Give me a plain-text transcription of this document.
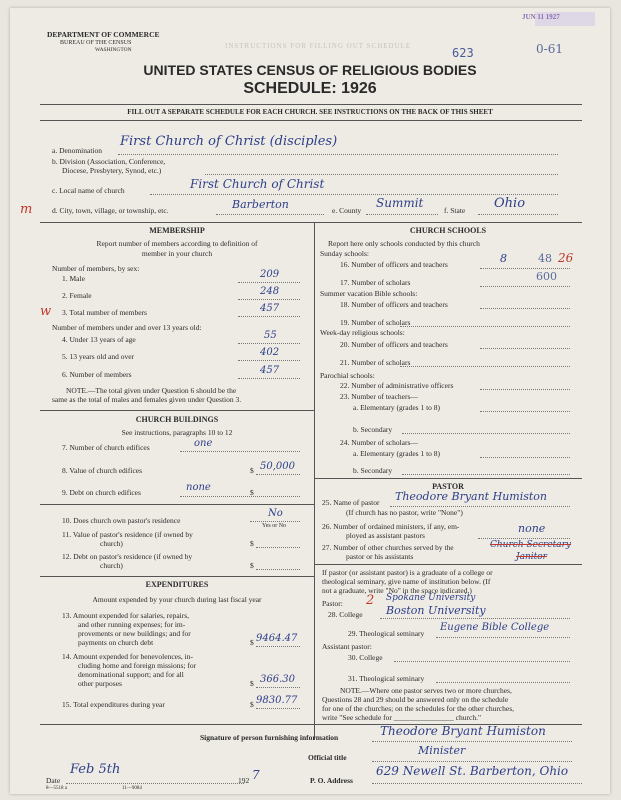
JUN 11 1927
INSTRUCTIONS FOR FILLING OUT SCHEDULE
DEPARTMENT OF COMMERCE
BUREAU OF THE CENSUS
WASHINGTON	623	0-61
UNITED STATES CENSUS OF RELIGIOUS BODIES
SCHEDULE: 1926
FILL OUT A SEPARATE SCHEDULE FOR EACH CHURCH. SEE INSTRUCTIONS ON THE BACK OF THIS SHEET
a. Denomination
First Church of Christ (disciples)
b. Division (Association, Conference,
Diocese, Presbytery, Synod, etc.)
c. Local name of church	First Church of Christ
m	d. City, town, village, or township, etc.	Barberton	e. County
Summit
f. State Ohio
MEMBERSHIP
Report number of members according to definition of
member in your church
Number of members, by sex:
1. Male	209
2. Female	248
w 3. Total number of members	457
Number of members under and over 13 years old:
4. Under 13 years of age	55
5. 13 years old and over	402
6. Number of members	457
NOTE.—The total given under Question 6 should be the
same as the total of males and females given under Question 3.
CHURCH BUILDINGS
See instructions, paragraphs 10 to 12
7. Number of church edifices	one
8. Value of church edifices	$ 50,000
9. Debt on church edifices	$
none
10. Does church own pastor's residence
No
Yes or No
11. Value of pastor's residence (if owned by
church)	$
12. Debt on pastor's residence (if owned by
church)	$
EXPENDITURES
Amount expended by your church during last fiscal year
13. Amount expended for salaries, repairs,
and other running expenses; for im-
provements or new buildings; and for
payments on church debt	$ 9464.47
14. Amount expended for benevolences, in-
cluding home and foreign missions; for
denominational support; and for all
other purposes	$ 366.30
15. Total expenditures during year	$ 9830.77
CHURCH SCHOOLS
Report here only schools conducted by this church
Sunday schools:
16. Number of officers and teachers	8	48 26
17. Number of scholars	600
Summer vacation Bible schools:
18. Number of officers and teachers
19. Number of scholars
Week-day religious schools:
20. Number of officers and teachers
21. Number of scholars
Parochial schools:
22. Number of administrative officers
23. Number of teachers—
a. Elementary (grades 1 to 8)
b. Secondary
24. Number of scholars—
a. Elementary (grades 1 to 8)
b. Secondary
PASTOR
25. Name of pastor Theodore Bryant Humiston
(If church has no pastor, write "None")
26. Number of ordained ministers, if any, em-
ployed as assistant pastors
none
27. Number of other churches served by the
pastor or his assistants
Church Secretary
Janitor
If pastor (or assistant pastor) is a graduate of a college or
theological seminary, give name of institution below. (If
not a graduate, write "No" in the space indicated.)
Pastor: 2 Spokane University
28. College Boston University
29. Theological seminary
Eugene Bible College
Assistant pastor:
30. College
31. Theological seminary
NOTE.—Where one pastor serves two or more churches,
Questions 28 and 29 should be answered only on the schedule
for one of the churches; on the schedules for the other churches,
write "See schedule for ________________ church."
Signature of person furnishing information	Theodore Bryant Humiston
Official title
Minister
Date
Feb 5th
192 7	P. O. Address
629 Newell St. Barberton, Ohio
8—5518 a	11—9084
